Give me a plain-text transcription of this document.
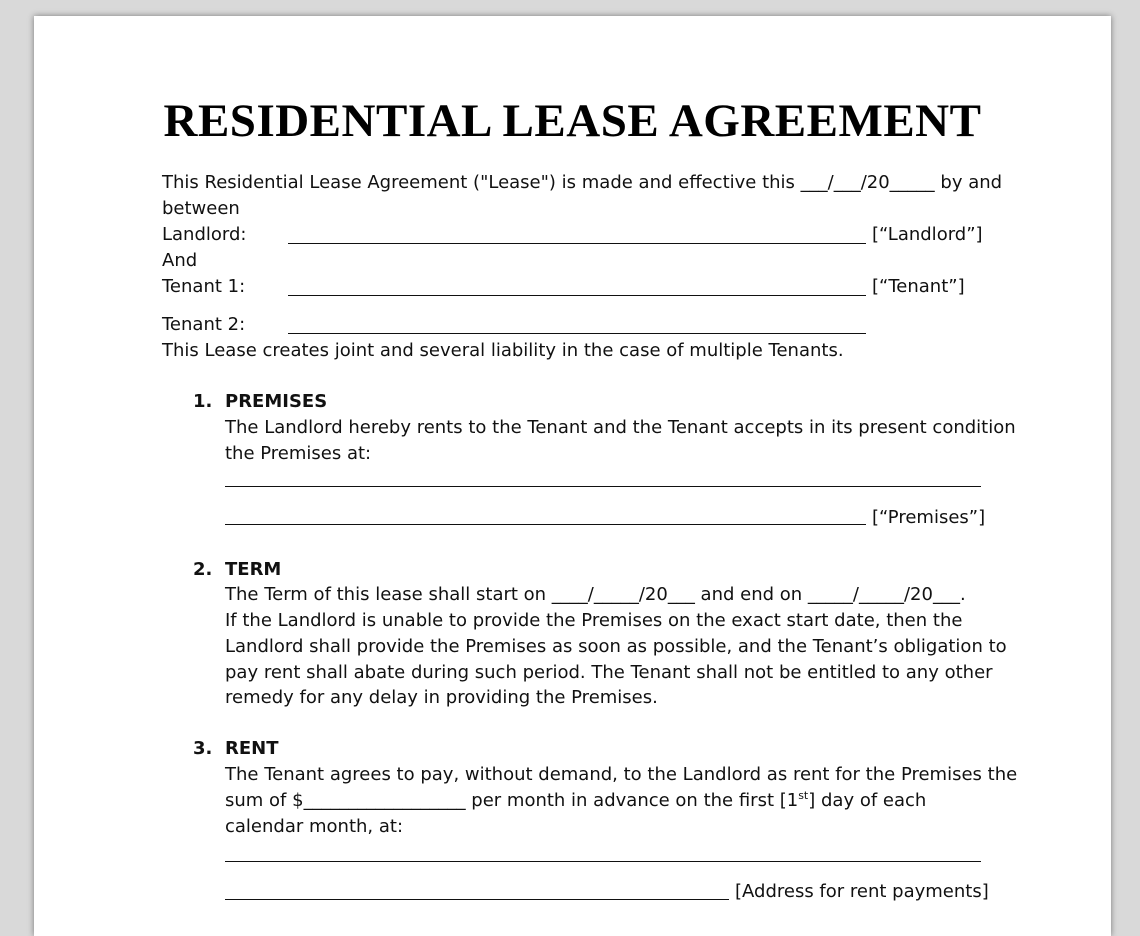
RESIDENTIAL LEASE AGREEMENT
This Residential Lease Agreement ("Lease") is made and effective this ___/___/20_____ by and
between
Landlord:	[“Landlord”]
And
Tenant 1:	[“Tenant”]
Tenant 2:
This Lease creates joint and several liability in the case of multiple Tenants.
1. PREMISES
The Landlord hereby rents to the Tenant and the Tenant accepts in its present condition
the Premises at:
[“Premises”]
2. TERM
The Term of this lease shall start on ____/_____/20___ and end on _____/_____/20___.
If the Landlord is unable to provide the Premises on the exact start date, then the
Landlord shall provide the Premises as soon as possible, and the Tenant’s obligation to
pay rent shall abate during such period. The Tenant shall not be entitled to any other
remedy for any delay in providing the Premises.
3. RENT
The Tenant agrees to pay, without demand, to the Landlord as rent for the Premises the
sum of $__________________ per month in advance on the first [1st] day of each
calendar month, at:
[Address for rent payments]
